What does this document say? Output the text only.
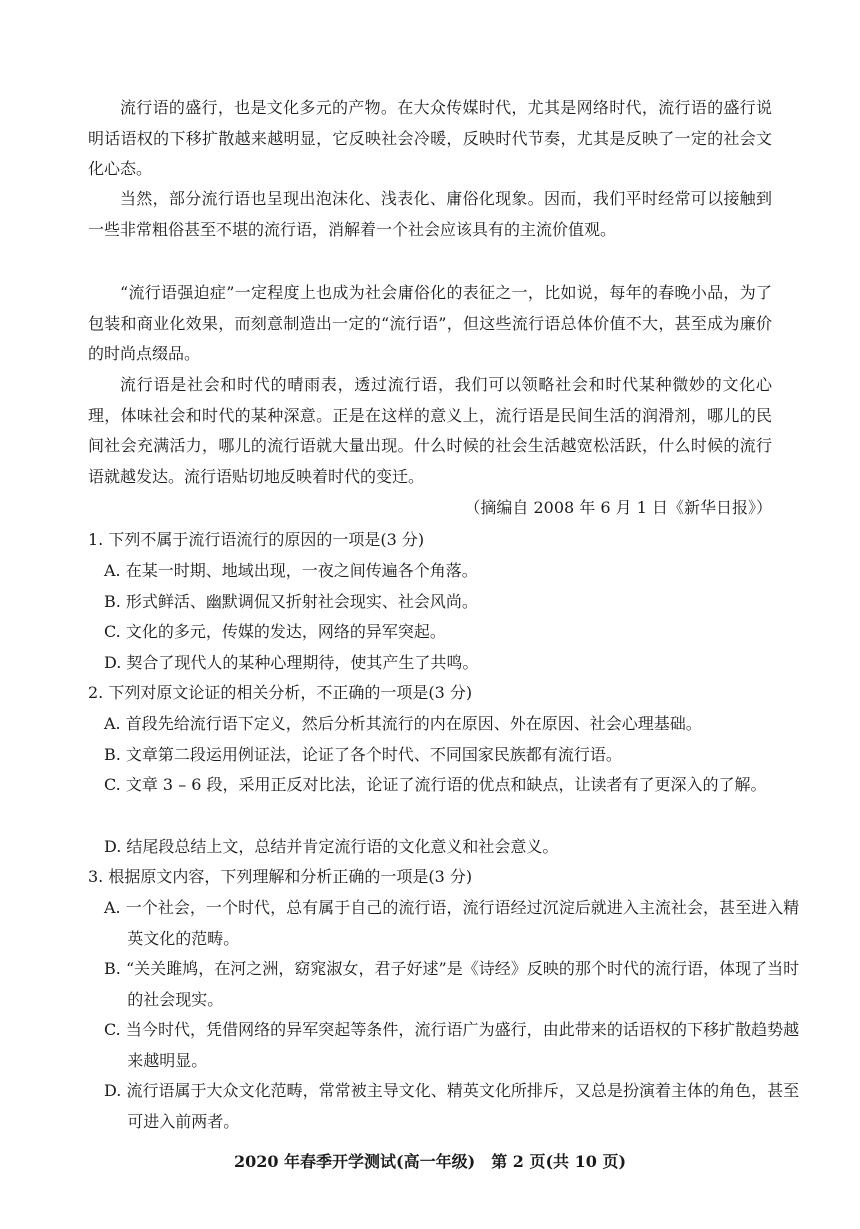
流行语的盛行，也是文化多元的产物。在大众传媒时代，尤其是网络时代，流行语的盛行说明话语权的下移扩散越来越明显，它反映社会冷暖，反映时代节奏，尤其是反映了一定的社会文化心态。

当然，部分流行语也呈现出泡沫化、浅表化、庸俗化现象。因而，我们平时经常可以接触到一些非常粗俗甚至不堪的流行语，消解着一个社会应该具有的主流价值观。

“流行语强迫症”一定程度上也成为社会庸俗化的表征之一，比如说，每年的春晚小品，为了包装和商业化效果，而刻意制造出一定的“流行语”，但这些流行语总体价值不大，甚至成为廉价的时尚点缀品。

流行语是社会和时代的晴雨表，透过流行语，我们可以领略社会和时代某种微妙的文化心理，体味社会和时代的某种深意。正是在这样的意义上，流行语是民间生活的润滑剂，哪儿的民间社会充满活力，哪儿的流行语就大量出现。什么时候的社会生活越宽松活跃，什么时候的流行语就越发达。流行语贴切地反映着时代的变迁。

（摘编自 2008 年 6 月 1 日《新华日报》）

1. 下列不属于流行语流行的原因的一项是(3 分)

A. 在某一时期、地域出现，一夜之间传遍各个角落。

B. 形式鲜活、幽默调侃又折射社会现实、社会风尚。

C. 文化的多元，传媒的发达，网络的异军突起。

D. 契合了现代人的某种心理期待，使其产生了共鸣。

2. 下列对原文论证的相关分析，不正确的一项是(3 分)

A. 首段先给流行语下定义，然后分析其流行的内在原因、外在原因、社会心理基础。

B. 文章第二段运用例证法，论证了各个时代、不同国家民族都有流行语。

C. 文章 3 – 6 段，采用正反对比法，论证了流行语的优点和缺点，让读者有了更深入的了解。

D. 结尾段总结上文，总结并肯定流行语的文化意义和社会意义。

3. 根据原文内容，下列理解和分析正确的一项是(3 分)

A. 一个社会，一个时代，总有属于自己的流行语，流行语经过沉淀后就进入主流社会，甚至进入精英文化的范畴。

B. “关关雎鸠，在河之洲，窈窕淑女，君子好逑”是《诗经》反映的那个时代的流行语，体现了当时的社会现实。

C. 当今时代，凭借网络的异军突起等条件，流行语广为盛行，由此带来的话语权的下移扩散趋势越来越明显。

D. 流行语属于大众文化范畴，常常被主导文化、精英文化所排斥，又总是扮演着主体的角色，甚至可进入前两者。

2020 年春季开学测试(高一年级)　第 2 页(共 10 页)
